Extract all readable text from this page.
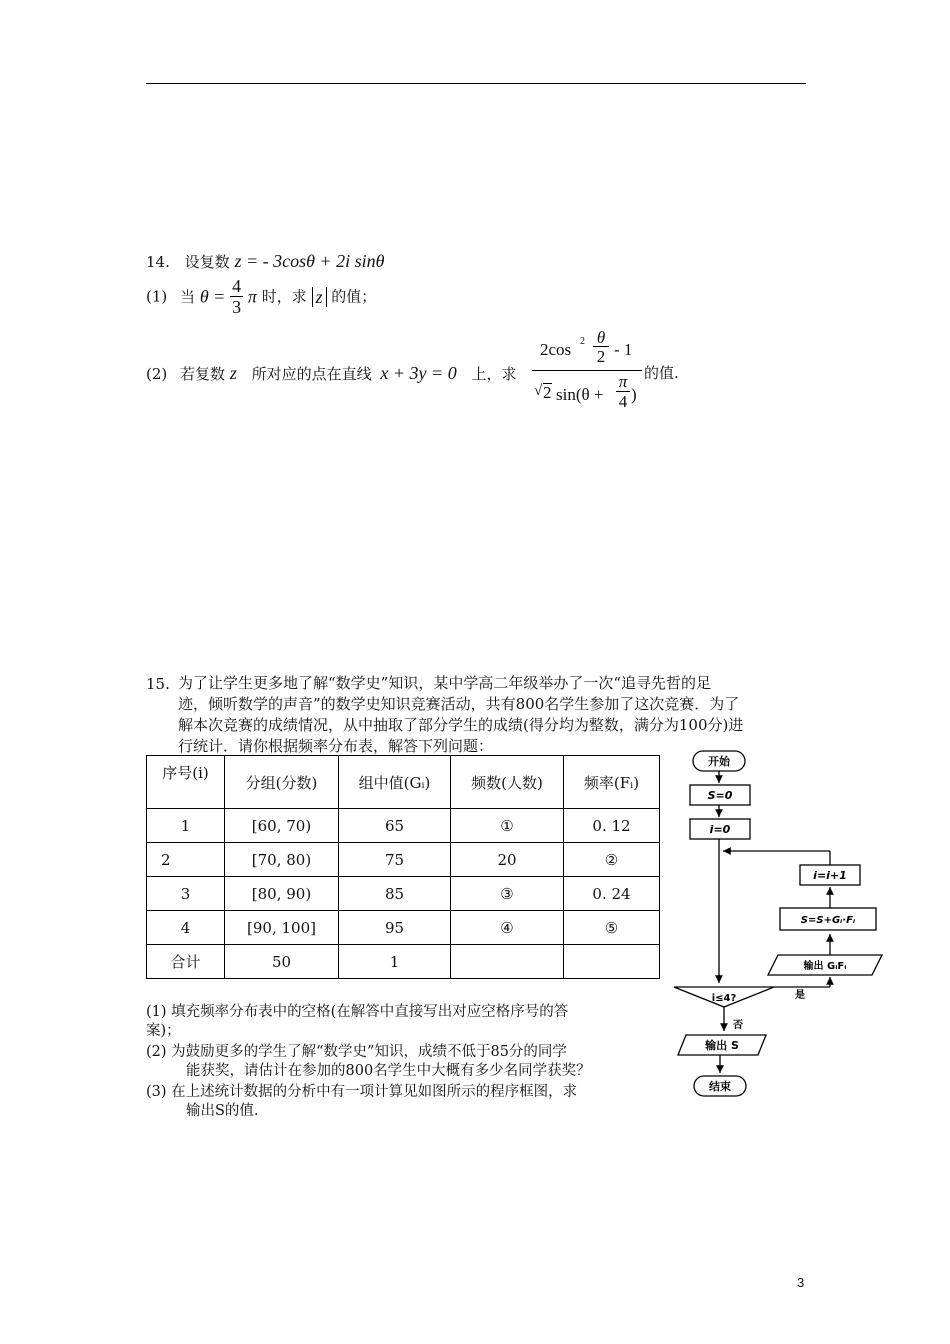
14. 设复数 z = - 3cosθ + 2i sinθ
(1) 当 $\theta = \frac{4}{3}$ π 时，求 z 的值；
(2) 若复数 z 所对应的点在直线 x + 3y = 0 上，求 2cos 2 θ
2 - 1
√ 2 sin(θ +
π
4 ) 的值.
15. 为了让学生更多地了解“数学史”知识，某中学高二年级举办了一次“追寻先哲的足

迹，倾听数学的声音”的数学史知识竞赛活动，共有800名学生参加了这次竞赛．为了

解本次竞赛的成绩情况，从中抽取了部分学生的成绩(得分均为整数，满分为100分)进

行统计．请你根据频率分布表，解答下列问题：

序号(i)	分组(分数)	组中值(Gᵢ)	频数(人数)	频率(Fᵢ)
1	[60, 70)	65	①	0. 12
2	[70, 80)	75	20	②
3	[80, 90)	85	③	0. 24
4	[90, 100]	95	④	⑤
合计	50	1		

(1) 填充频率分布表中的空格(在解答中直接写出对应空格序号的答

案)；

(2) 为鼓励更多的学生了解“数学史”知识，成绩不低于85分的同学

能获奖，请估计在参加的800名学生中大概有多少名同学获奖？

(3) 在上述统计数据的分析中有一项计算见如图所示的程序框图，求

输出S的值.

开始
S=0
i=0
i=i+1
S=S+Gᵢ·Fᵢ
输出 GᵢFᵢ
i≤4?	是
否
输出 S
结束
3
